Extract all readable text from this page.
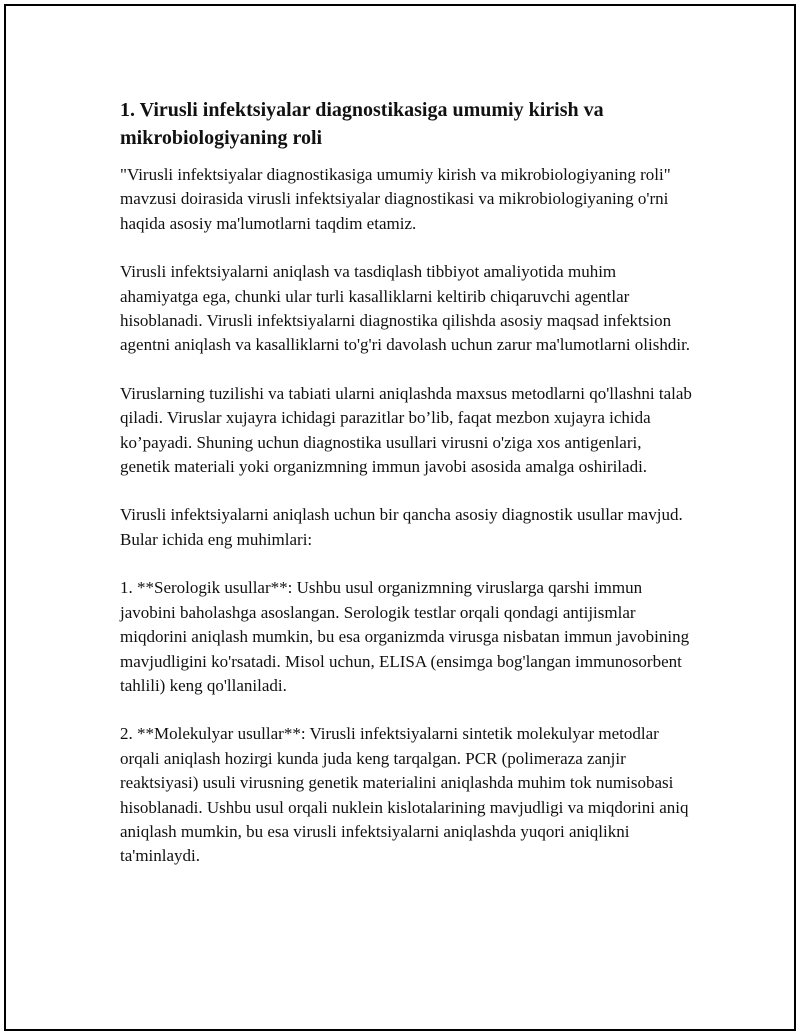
1. Virusli infektsiyalar diagnostikasiga umumiy kirish va mikrobiologiyaning roli
"Virusli infektsiyalar diagnostikasiga umumiy kirish va mikrobiologiyaning roli" mavzusi doirasida virusli infektsiyalar diagnostikasi va mikrobiologiyaning o'rni haqida asosiy ma'lumotlarni taqdim etamiz.
Virusli infektsiyalarni aniqlash va tasdiqlash tibbiyot amaliyotida muhim ahamiyatga ega, chunki ular turli kasalliklarni keltirib chiqaruvchi agentlar hisoblanadi. Virusli infektsiyalarni diagnostika qilishda asosiy maqsad infektsion agentni aniqlash va kasalliklarni to'g'ri davolash uchun zarur ma'lumotlarni olishdir.
Viruslarning tuzilishi va tabiati ularni aniqlashda maxsus metodlarni qo'llashni talab qiladi. Viruslar xujayra ichidagi parazitlar bo’lib, faqat mezbon xujayra ichida ko’payadi. Shuning uchun diagnostika usullari virusni o'ziga xos antigenlari, genetik materiali yoki organizmning immun javobi asosida amalga oshiriladi.
Virusli infektsiyalarni aniqlash uchun bir qancha asosiy diagnostik usullar mavjud. Bular ichida eng muhimlari:
1. **Serologik usullar**: Ushbu usul organizmning viruslarga qarshi immun javobini baholashga asoslangan. Serologik testlar orqali qondagi antijismlar miqdorini aniqlash mumkin, bu esa organizmda virusga nisbatan immun javobining mavjudligini ko'rsatadi. Misol uchun, ELISA (ensimga bog'langan immunosorbent tahlili) keng qo'llaniladi.
2. **Molekulyar usullar**: Virusli infektsiyalarni sintetik molekulyar metodlar orqali aniqlash hozirgi kunda juda keng tarqalgan. PCR (polimeraza zanjir reaktsiyasi) usuli virusning genetik materialini aniqlashda muhim tok numisobasi hisoblanadi. Ushbu usul orqali nuklein kislotalarining mavjudligi va miqdorini aniq aniqlash mumkin, bu esa virusli infektsiyalarni aniqlashda yuqori aniqlikni ta'minlaydi.
